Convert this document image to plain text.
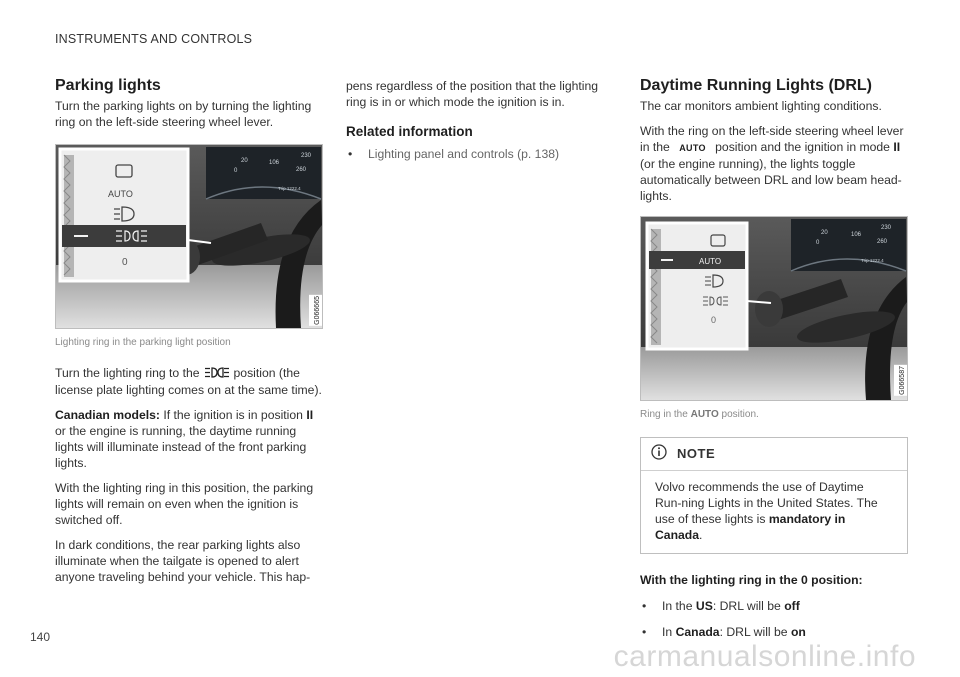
INSTRUMENTS AND CONTROLS
Parking lights

Turn the parking lights on by turning the lighting ring on the left-side steering wheel lever.

20
0
106
230
260
Trip 1222.4
AUTO
0
G066665
Lighting ring in the parking light position

Turn the lighting ring to the	position (the license plate lighting comes on at the same time).

Canadian models: If the ignition is in position II or the engine is running, the daytime running lights will illuminate instead of the front parking lights.

With the lighting ring in this position, the parking lights will remain on even when the ignition is switched off.

In dark conditions, the rear parking lights also illuminate when the tailgate is opened to alert anyone traveling behind your vehicle. This hap-

pens regardless of the position that the lighting ring is in or which mode the ignition is in.

Related information
•	Lighting panel and controls (p. 138)
Daytime Running Lights (DRL)

The car monitors ambient lighting conditions.

With the ring on the left-side steering wheel lever in the AUTO position and the ignition in mode II (or the engine running), the lights toggle automatically between DRL and low beam head-lights.

20
0
106
230
260
Trip 1222.4
AUTO
0
G066587
Ring in the AUTO position.
NOTE
Volvo recommends the use of Daytime Run-ning Lights in the United States. The use of these lights is mandatory in Canada.

With the lighting ring in the 0 position:

•	In the US: DRL will be off
•	In Canada: DRL will be on
140
carmanualsonline.info
